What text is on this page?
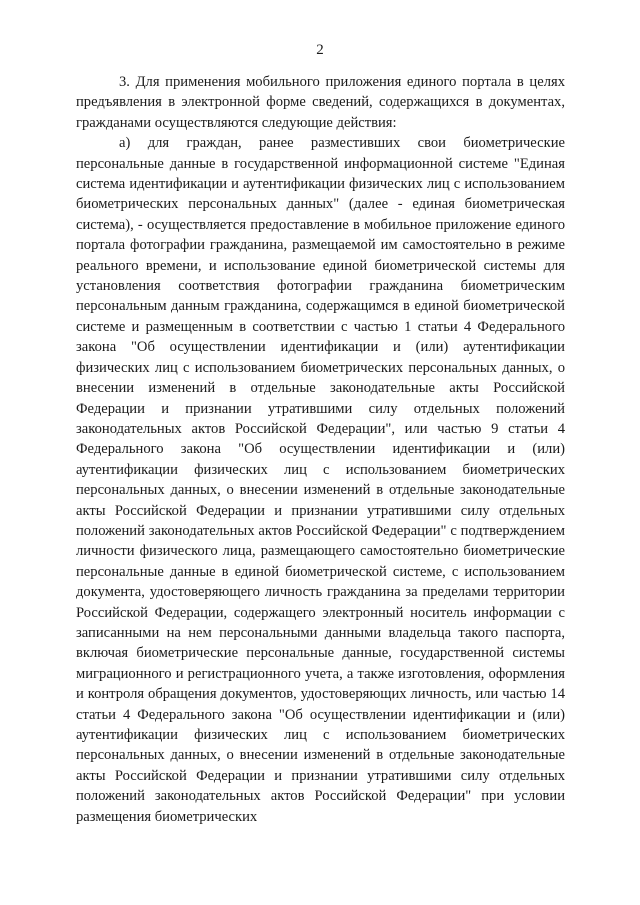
2

3. Для применения мобильного приложения единого портала в целях предъявления в электронной форме сведений, содержащихся в документах, гражданами осуществляются следующие действия:

а) для граждан, ранее разместивших свои биометрические персональные данные в государственной информационной системе "Единая система идентификации и аутентификации физических лиц с использованием биометрических персональных данных" (далее - единая биометрическая система), - осуществляется предоставление в мобильное приложение единого портала фотографии гражданина, размещаемой им самостоятельно в режиме реального времени, и использование единой биометрической системы для установления соответствия фотографии гражданина биометрическим персональным данным гражданина, содержащимся в единой биометрической системе и размещенным в соответствии с частью 1 статьи 4 Федерального закона "Об осуществлении идентификации и (или) аутентификации физических лиц с использованием биометрических персональных данных, о внесении изменений в отдельные законодательные акты Российской Федерации и признании утратившими силу отдельных положений законодательных актов Российской Федерации", или частью 9 статьи 4 Федерального закона "Об осуществлении идентификации и (или) аутентификации физических лиц с использованием биометрических персональных данных, о внесении изменений в отдельные законодательные акты Российской Федерации и признании утратившими силу отдельных положений законодательных актов Российской Федерации" с подтверждением личности физического лица, размещающего самостоятельно биометрические персональные данные в единой биометрической системе, с использованием документа, удостоверяющего личность гражданина за пределами территории Российской Федерации, содержащего электронный носитель информации с записанными на нем персональными данными владельца такого паспорта, включая биометрические персональные данные, государственной системы миграционного и регистрационного учета, а также изготовления, оформления и контроля обращения документов, удостоверяющих личность, или частью 14 статьи 4 Федерального закона "Об осуществлении идентификации и (или) аутентификации физических лиц с использованием биометрических персональных данных, о внесении изменений в отдельные законодательные акты Российской Федерации и признании утратившими силу отдельных положений законодательных актов Российской Федерации" при условии размещения биометрических
